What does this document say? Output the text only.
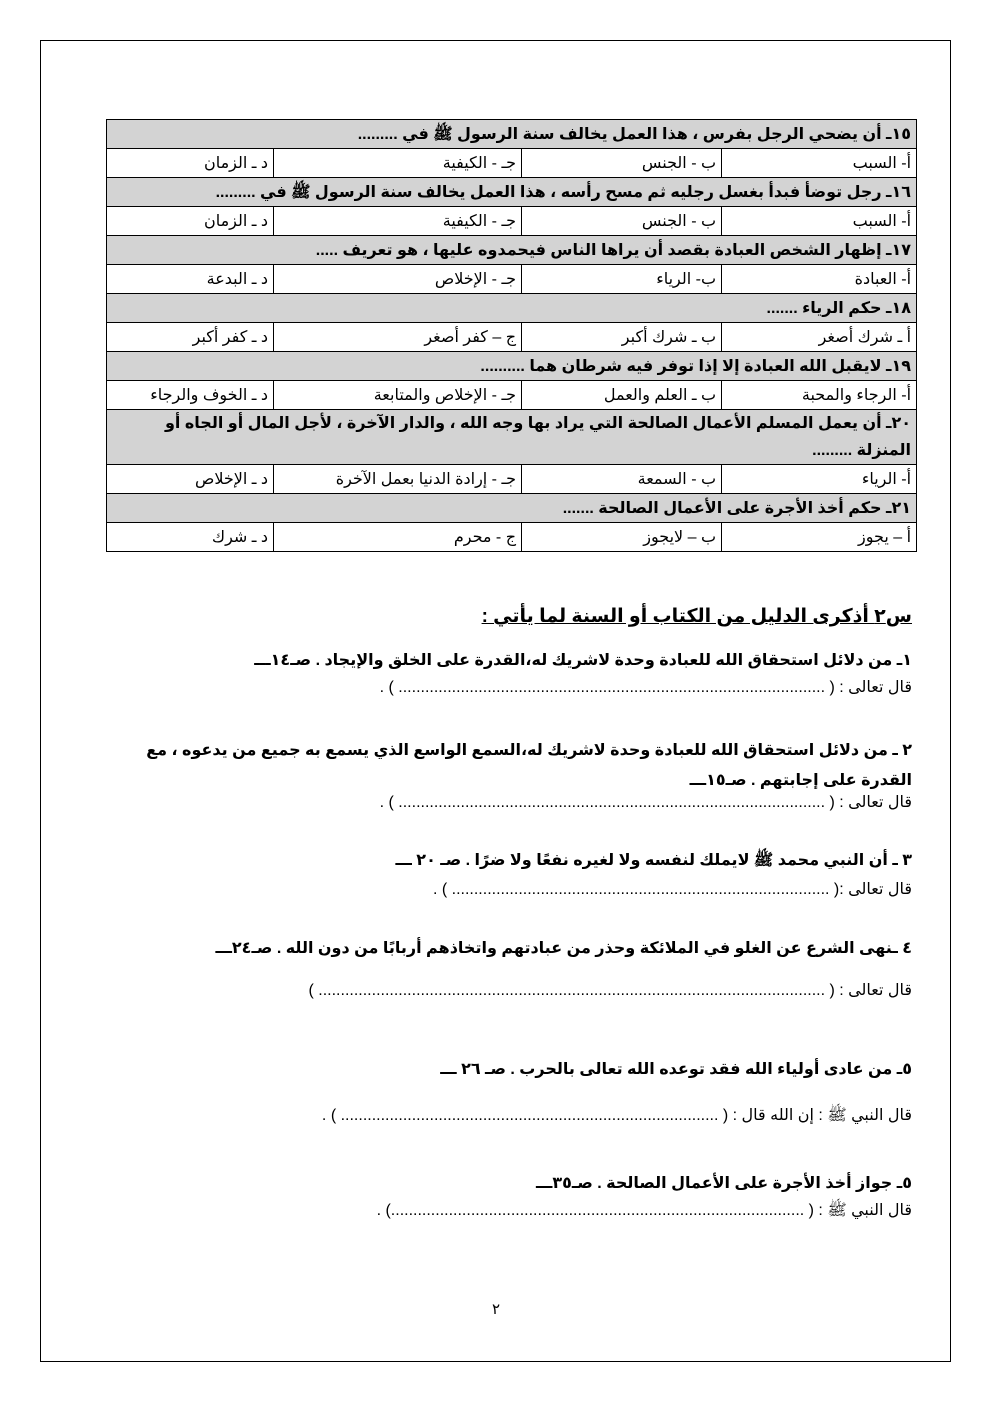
١٥ـ أن يضحي الرجل بفرس ، هذا العمل يخالف سنة الرسول ﷺ في .........			
أ- السبب	ب - الجنس	جـ - الكيفية	د ـ الزمان
١٦ـ رجل توضأ فبدأ بغسل رجليه ثم مسح رأسه ، هذا العمل يخالف سنة الرسول ﷺ في .........			
أ- السبب	ب - الجنس	جـ - الكيفية	د ـ الزمان
١٧ـ إظهار الشخص العبادة بقصد أن يراها الناس فيحمدوه عليها ، هو تعريف .....			
أ- العبادة	ب- الرياء	جـ - الإخلاص	د ـ البدعة
١٨ـ حكم الرياء .......			
أ ـ شرك أصغر	ب ـ شرك أكبر	ج – كفر أصغر	د ـ كفر أكبر
١٩ـ لايقبل الله العبادة إلا إذا توفر فيه شرطان هما ..........			
أ- الرجاء والمحبة	ب ـ العلم والعمل	جـ - الإخلاص والمتابعة	د ـ الخوف والرجاء
٢٠ـ أن يعمل المسلم الأعمال الصالحة التي يراد بها وجه الله ، والدار الآخرة ، لأجل المال أو الجاه أو المنزلة .........			
أ- الرياء	ب - السمعة	جـ - إرادة الدنيا بعمل الآخرة	د ـ الإخلاص
٢١ـ حكم أخذ الأجرة على الأعمال الصالحة .......			
أ – يجوز	ب – لايجوز	ج - محرم	د ـ شرك
س٢ أذكرى الدليل من الكتاب أو السنة لما يأتي :
١ـ من دلائل استحقاق الله للعبادة وحدة لاشريك له،القدرة على الخلق والإيجاد . صـ١٤ـــ
قال تعالى : ( ................................................................................................ ) .
٢ ـ من دلائل استحقاق الله للعبادة وحدة لاشريك له،السمع الواسع الذي يسمع به جميع من يدعوه ، مع القدرة على إجابتهم . صـ١٥ـــ
قال تعالى : ( ................................................................................................ ) .
٣ ـ أن النبي محمد ﷺ لايملك لنفسه ولا لغيره نفعًا ولا ضرًا . صـ ٢٠ ـــ
قال تعالى :( ..................................................................................... ) .
٤ ـنهى الشرع عن الغلو في الملائكة وحذر من عبادتهم واتخاذهم أربابًا من دون الله . صـ٢٤ـــ
قال تعالى : ( .................................................................................................................. )
٥ـ من عادى أولياء الله فقد توعده الله تعالى بالحرب . صـ ٢٦ ـــ
قال النبي ﷺ : إن الله قال : ( ..................................................................................... ) .
٥ـ جواز أخذ الأجرة على الأعمال الصالحة . صـ٣٥ـــ
قال النبي ﷺ : ( .............................................................................................) .
٢
